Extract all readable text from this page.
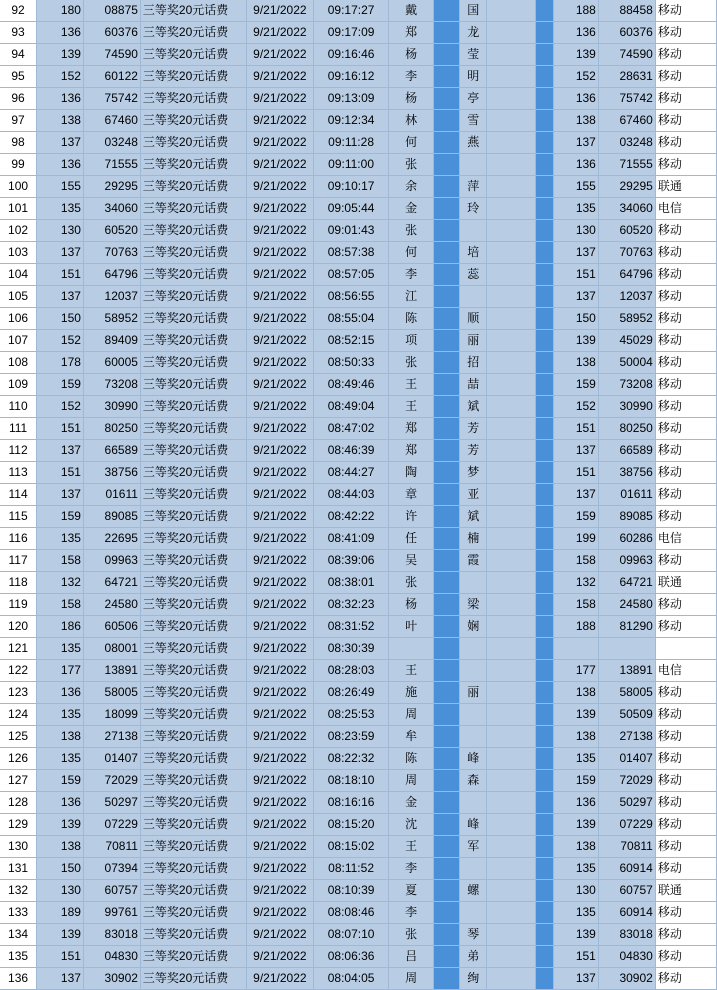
92	180	08875	三等奖20元话费	9/21/2022	09:17:27	戴		国			188	88458	移动
93	136	60376	三等奖20元话费	9/21/2022	09:17:09	郑		龙			136	60376	移动
94	139	74590	三等奖20元话费	9/21/2022	09:16:46	杨		莹			139	74590	移动
95	152	60122	三等奖20元话费	9/21/2022	09:16:12	李		明			152	28631	移动
96	136	75742	三等奖20元话费	9/21/2022	09:13:09	杨		亭			136	75742	移动
97	138	67460	三等奖20元话费	9/21/2022	09:12:34	林		雪			138	67460	移动
98	137	03248	三等奖20元话费	9/21/2022	09:11:28	何		燕			137	03248	移动
99	136	71555	三等奖20元话费	9/21/2022	09:11:00	张					136	71555	移动
100	155	29295	三等奖20元话费	9/21/2022	09:10:17	余		萍			155	29295	联通
101	135	34060	三等奖20元话费	9/21/2022	09:05:44	金		玲			135	34060	电信
102	130	60520	三等奖20元话费	9/21/2022	09:01:43	张					130	60520	移动
103	137	70763	三等奖20元话费	9/21/2022	08:57:38	何		培			137	70763	移动
104	151	64796	三等奖20元话费	9/21/2022	08:57:05	李		蕊			151	64796	移动
105	137	12037	三等奖20元话费	9/21/2022	08:56:55	江					137	12037	移动
106	150	58952	三等奖20元话费	9/21/2022	08:55:04	陈		顺			150	58952	移动
107	152	89409	三等奖20元话费	9/21/2022	08:52:15	项		丽			139	45029	移动
108	178	60005	三等奖20元话费	9/21/2022	08:50:33	张		招			138	50004	移动
109	159	73208	三等奖20元话费	9/21/2022	08:49:46	王		喆			159	73208	移动
110	152	30990	三等奖20元话费	9/21/2022	08:49:04	王		斌			152	30990	移动
111	151	80250	三等奖20元话费	9/21/2022	08:47:02	郑		芳			151	80250	移动
112	137	66589	三等奖20元话费	9/21/2022	08:46:39	郑		芳			137	66589	移动
113	151	38756	三等奖20元话费	9/21/2022	08:44:27	陶		梦			151	38756	移动
114	137	01611	三等奖20元话费	9/21/2022	08:44:03	章		亚			137	01611	移动
115	159	89085	三等奖20元话费	9/21/2022	08:42:22	许		斌			159	89085	移动
116	135	22695	三等奖20元话费	9/21/2022	08:41:09	任		楠			199	60286	电信
117	158	09963	三等奖20元话费	9/21/2022	08:39:06	吴		霞			158	09963	移动
118	132	64721	三等奖20元话费	9/21/2022	08:38:01	张					132	64721	联通
119	158	24580	三等奖20元话费	9/21/2022	08:32:23	杨		梁			158	24580	移动
120	186	60506	三等奖20元话费	9/21/2022	08:31:52	叶		娴			188	81290	移动
121	135	08001	三等奖20元话费	9/21/2022	08:30:39								
122	177	13891	三等奖20元话费	9/21/2022	08:28:03	王					177	13891	电信
123	136	58005	三等奖20元话费	9/21/2022	08:26:49	施		丽			138	58005	移动
124	135	18099	三等奖20元话费	9/21/2022	08:25:53	周					139	50509	移动
125	138	27138	三等奖20元话费	9/21/2022	08:23:59	牟					138	27138	移动
126	135	01407	三等奖20元话费	9/21/2022	08:22:32	陈		峰			135	01407	移动
127	159	72029	三等奖20元话费	9/21/2022	08:18:10	周		森			159	72029	移动
128	136	50297	三等奖20元话费	9/21/2022	08:16:16	金					136	50297	移动
129	139	07229	三等奖20元话费	9/21/2022	08:15:20	沈		峰			139	07229	移动
130	138	70811	三等奖20元话费	9/21/2022	08:15:02	王		军			138	70811	移动
131	150	07394	三等奖20元话费	9/21/2022	08:11:52	李					135	60914	移动
132	130	60757	三等奖20元话费	9/21/2022	08:10:39	夏		螺			130	60757	联通
133	189	99761	三等奖20元话费	9/21/2022	08:08:46	李					135	60914	移动
134	139	83018	三等奖20元话费	9/21/2022	08:07:10	张		琴			139	83018	移动
135	151	04830	三等奖20元话费	9/21/2022	08:06:36	吕		弟			151	04830	移动
136	137	30902	三等奖20元话费	9/21/2022	08:04:05	周		绚			137	30902	移动
